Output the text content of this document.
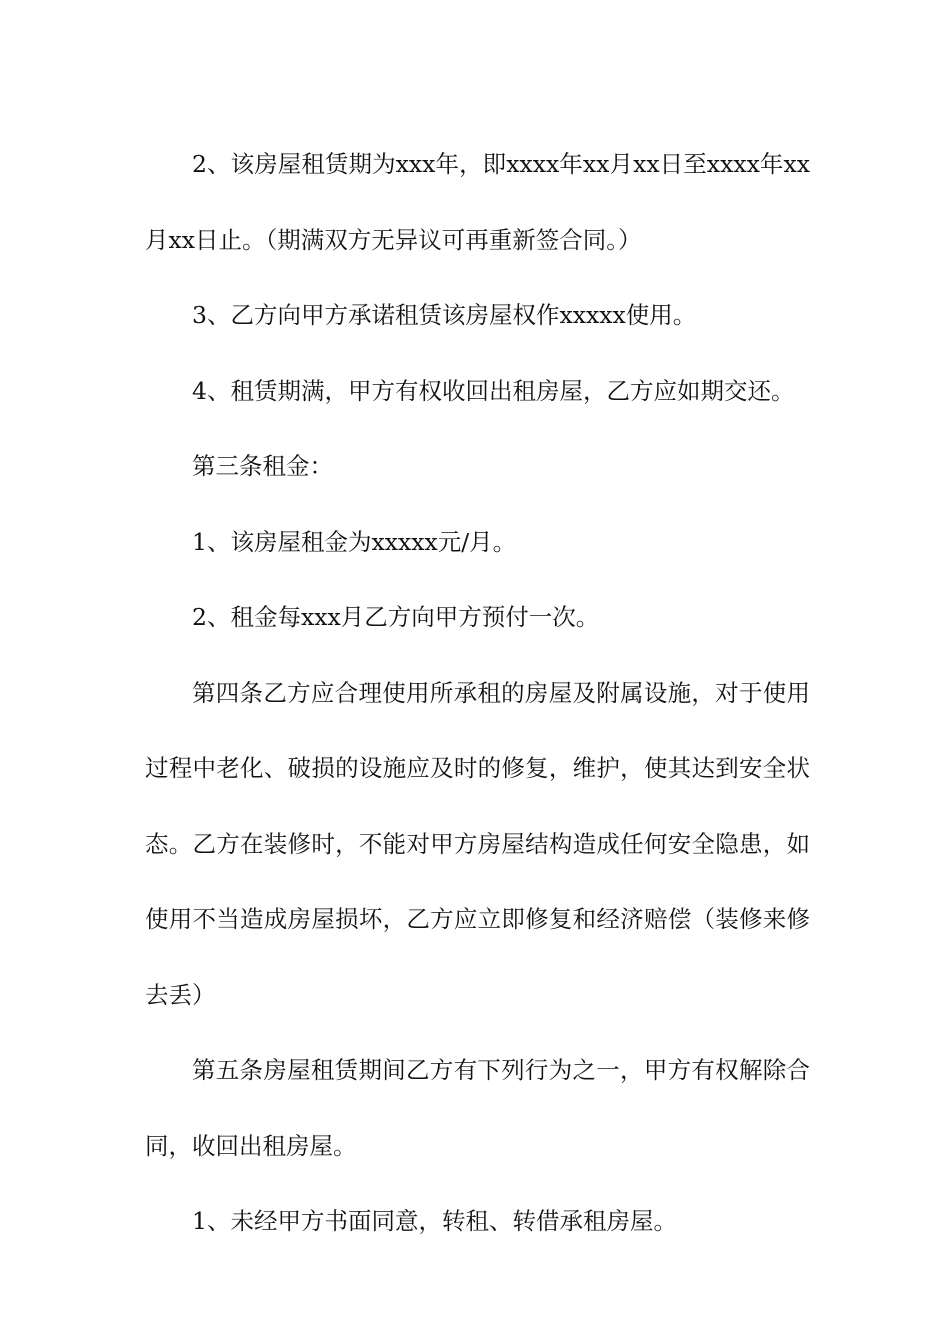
2、该房屋租赁期为xxx年，即xxxx年xx月xx日至xxxx年xx月xx日止。（期满双方无异议可再重新签合同。）

3、乙方向甲方承诺租赁该房屋权作xxxxx使用。

4、租赁期满，甲方有权收回出租房屋，乙方应如期交还。

第三条租金：

1、该房屋租金为xxxxx元/月。

2、租金每xxx月乙方向甲方预付一次。

第四条乙方应合理使用所承租的房屋及附属设施，对于使用过程中老化、破损的设施应及时的修复，维护，使其达到安全状态。乙方在装修时，不能对甲方房屋结构造成任何安全隐患，如使用不当造成房屋损坏，乙方应立即修复和经济赔偿（装修来修去丢）

第五条房屋租赁期间乙方有下列行为之一，甲方有权解除合同，收回出租房屋。

1、未经甲方书面同意，转租、转借承租房屋。
